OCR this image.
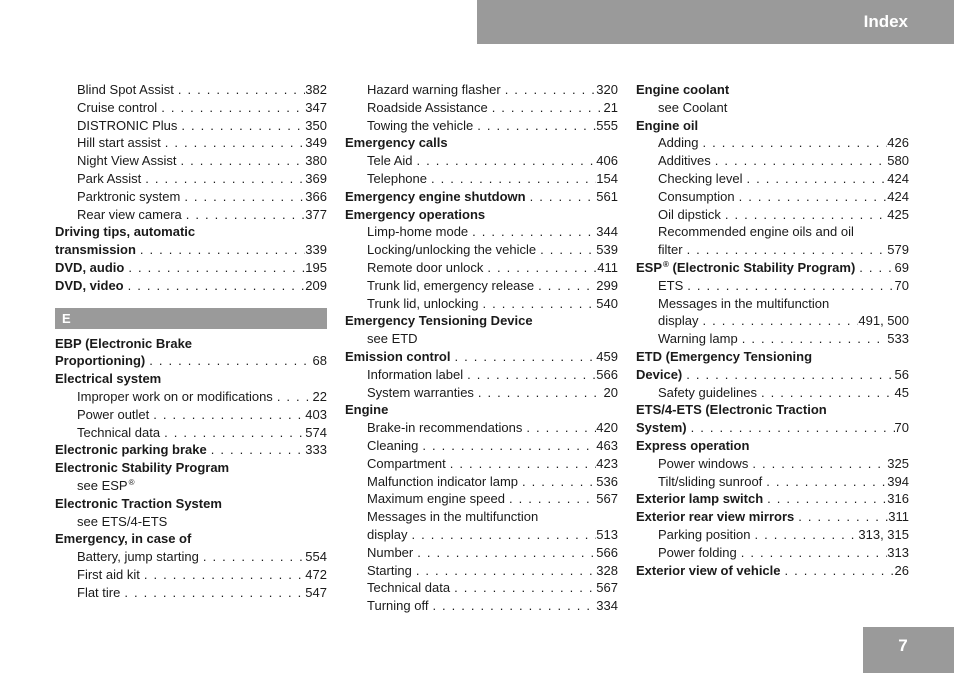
Index
Blind Spot Assist . . .	382
Cruise control . . .	347
DISTRONIC Plus . . .	350
Hill start assist . . .	349
Night View Assist . . .	380
Park Assist . . .	369
Parktronic system . . .	366
Rear view camera . . .	377
Driving tips, automatic
transmission . . .	339
DVD, audio . . .	195
DVD, video . . .	209
E
EBP (Electronic Brake
Proportioning) . . .	68
Electrical system
Improper work on or modifications . . .	22
Power outlet . . .	403
Technical data . . .	574
Electronic parking brake . . .	333
Electronic Stability Program
see ESP®
Electronic Traction System
see ETS/4-ETS
Emergency, in case of
Battery, jump starting . . .	554
First aid kit . . .	472
Flat tire . . .	547
Hazard warning flasher . . .	320
Roadside Assistance . . .	21
Towing the vehicle . . .	555
Emergency calls
Tele Aid . . .	406
Telephone . . .	154
Emergency engine shutdown . . .	561
Emergency operations
Limp-home mode . . .	344
Locking/unlocking the vehicle . . .	539
Remote door unlock . . .	411
Trunk lid, emergency release . . .	299
Trunk lid, unlocking . . .	540
Emergency Tensioning Device
see ETD
Emission control . . .	459
Information label . . .	566
System warranties . . .	20
Engine
Brake-in recommendations . . .	420
Cleaning . . .	463
Compartment . . .	423
Malfunction indicator lamp . . .	536
Maximum engine speed . . .	567
Messages in the multifunction
display . . .	513
Number . . .	566
Starting . . .	328
Technical data . . .	567
Turning off . . .	334
Engine coolant
see Coolant
Engine oil
Adding . . .	426
Additives . . .	580
Checking level . . .	424
Consumption . . .	424
Oil dipstick . . .	425
Recommended engine oils and oil
filter . . .	579
ESP® (Electronic Stability Program) . . .	69
ETS . . .	70
Messages in the multifunction
display . . .	491, 500
Warning lamp . . .	533
ETD (Emergency Tensioning
Device) . . .	56
Safety guidelines . . .	45
ETS/4-ETS (Electronic Traction
System) . . .	70
Express operation
Power windows . . .	325
Tilt/sliding sunroof . . .	394
Exterior lamp switch . . .	316
Exterior rear view mirrors . . .	311
Parking position . . .	313, 315
Power folding . . .	313
Exterior view of vehicle . . .	26
7
